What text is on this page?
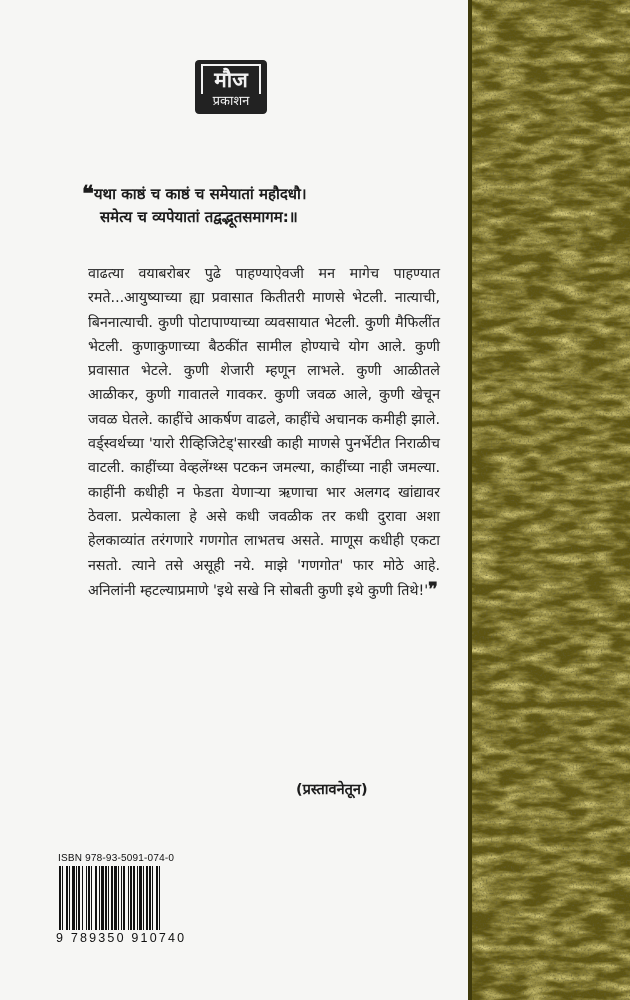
मौज
प्रकाशन
❝यथा काष्ठं च काष्ठं च समेयातां महौदधौ।
समेत्य च व्यपेयातां तद्वद्भूतसमागम:॥
वाढत्या वयाबरोबर पुढे पाहण्याऐवजी मन मागेच पाहण्यात रमते...आयुष्याच्या ह्या प्रवासात कितीतरी माणसे भेटली. नात्याची, बिननात्याची. कुणी पोटापाण्याच्या व्यवसायात भेटली. कुणी मैफिलींत भेटली. कुणाकुणाच्या बैठकींत सामील होण्याचे योग आले. कुणी प्रवासात भेटले. कुणी शेजारी म्हणून लाभले. कुणी आळीतले आळीकर, कुणी गावातले गावकर. कुणी जवळ आले, कुणी खेचून जवळ घेतले. काहींचे आकर्षण वाढले, काहींचे अचानक कमीही झाले. वर्ड्स्वर्थच्या 'यारो रीव्हिजिटेड्'सारखी काही माणसे पुनर्भेटीत निराळीच वाटली. काहींच्या वेव्हलेंग्थ्स पटकन जमल्या, काहींच्या नाही जमल्या. काहींनी कधीही न फेडता येणाऱ्या ऋणाचा भार अलगद खांद्यावर ठेवला. प्रत्येकाला हे असे कधी जवळीक तर कधी दुरावा अशा हेलकाव्यांत तरंगणारे गणगोत लाभतच असते. माणूस कधीही एकटा नसतो. त्याने तसे असूही नये. माझे 'गणगोत' फार मोठे आहे. अनिलांनी म्हटल्याप्रमाणे 'इथे सखे नि सोबती कुणी इथे कुणी तिथे!'❞
(प्रस्तावनेतून)
ISBN 978-93-5091-074-0
9 789350 910740
